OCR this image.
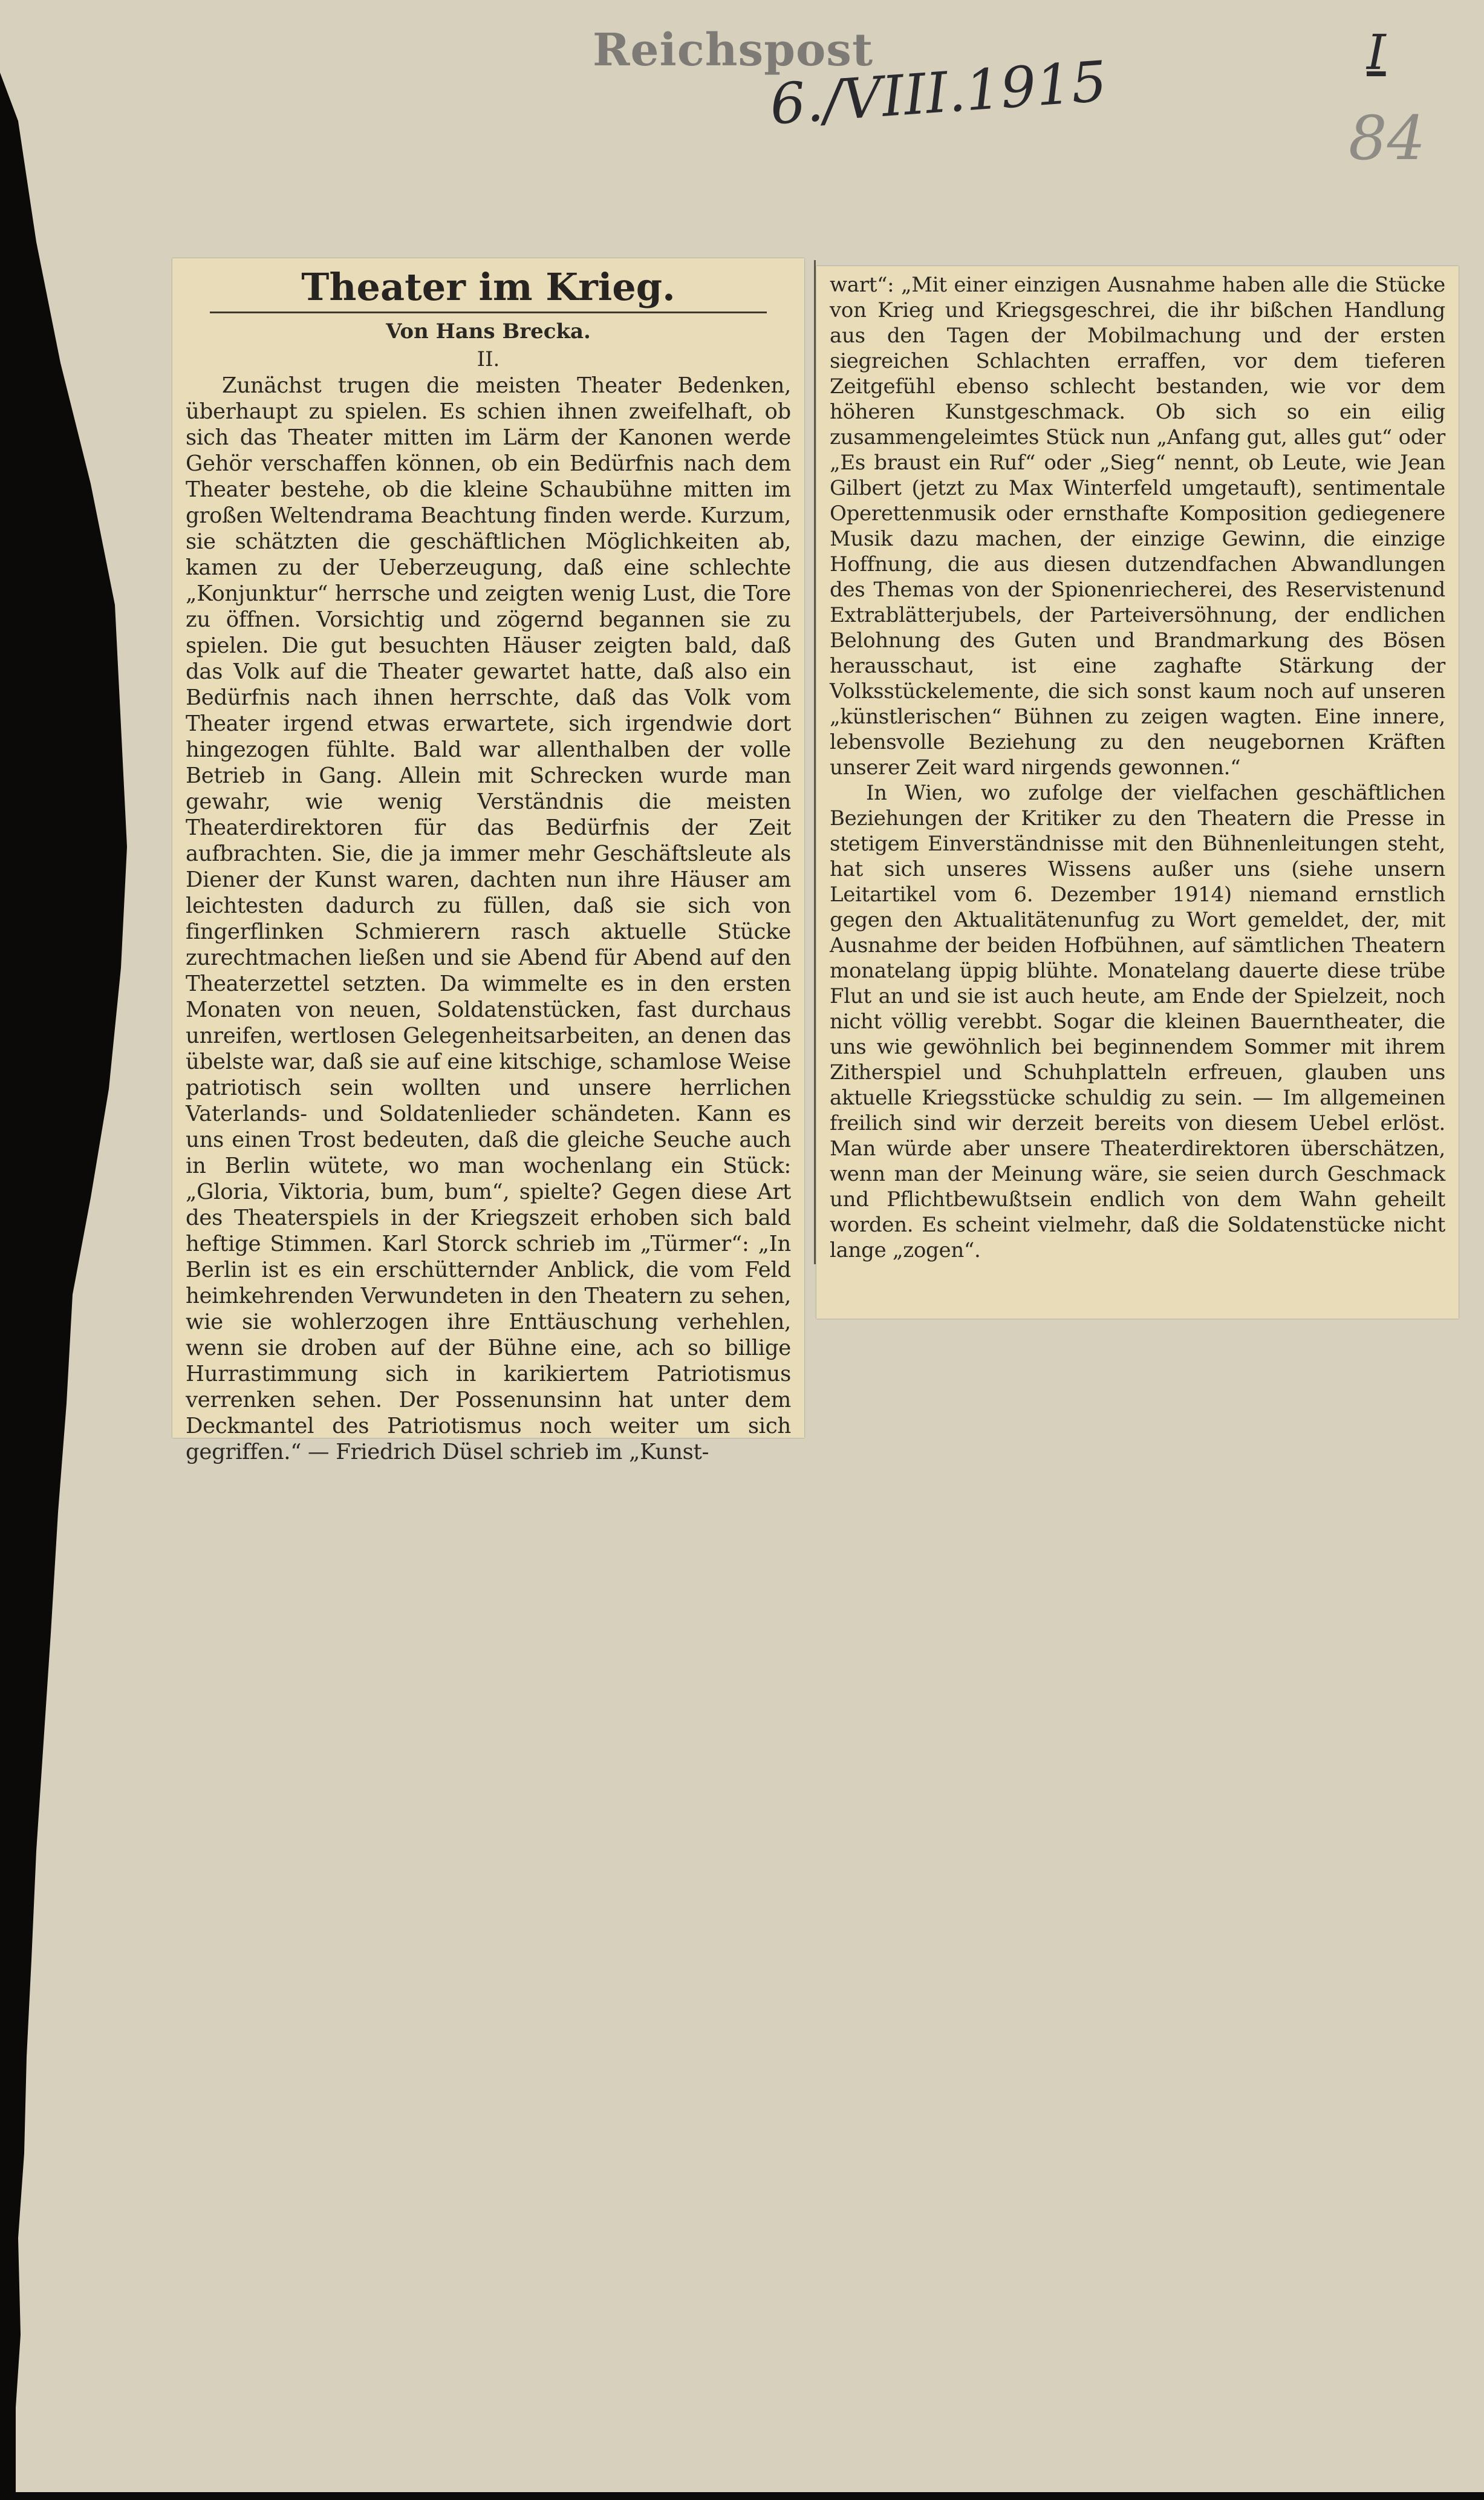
Reichspost
6./VIII.1915	I
84
Theater im Krieg.
Von Hans Brecka.
II.

Zunächst trugen die meisten Theater Bedenken, überhaupt zu spielen. Es schien ihnen zweifelhaft, ob sich das Theater mitten im Lärm der Kanonen werde Gehör verschaffen können, ob ein Bedürfnis nach dem Theater bestehe, ob die kleine Schaubühne mitten im großen Weltendrama Beachtung finden werde. Kurzum, sie schätzten die geschäftlichen Möglichkeiten ab, kamen zu der Ueberzeugung, daß eine schlechte „Konjunktur“ herrsche und zeigten wenig Lust, die Tore zu öffnen. Vorsichtig und zögernd begannen sie zu spielen. Die gut besuchten Häuser zeigten bald, daß das Volk auf die Theater gewartet hatte, daß also ein Bedürfnis nach ihnen herrschte, daß das Volk vom Theater irgend etwas erwartete, sich irgendwie dort hingezogen fühlte. Bald war allenthalben der volle Betrieb in Gang. Allein mit Schrecken wurde man gewahr, wie wenig Verständnis die meisten Theaterdirektoren für das Bedürfnis der Zeit aufbrachten. Sie, die ja immer mehr Geschäftsleute als Diener der Kunst waren, dachten nun ihre Häuser am leichtesten dadurch zu füllen, daß sie sich von fingerflinken Schmierern rasch aktuelle Stücke zurechtmachen ließen und sie Abend für Abend auf den Theaterzettel setzten. Da wimmelte es in den ersten Monaten von neuen, Soldatenstücken, fast durchaus unreifen, wertlosen Gelegenheitsarbeiten, an denen das übelste war, daß sie auf eine kitschige, schamlose Weise patriotisch sein wollten und unsere herrlichen Vaterlands- und Soldatenlieder schändeten. Kann es uns einen Trost bedeuten, daß die gleiche Seuche auch in Berlin wütete, wo man wochenlang ein Stück: „Gloria, Viktoria, bum, bum“, spielte? Gegen diese Art des Theaterspiels in der Kriegszeit erhoben sich bald heftige Stimmen. Karl Storck schrieb im „Türmer“: „In Berlin ist es ein erschütternder Anblick, die vom Feld heimkehrenden Verwundeten in den Theatern zu sehen, wie sie wohlerzogen ihre Enttäuschung verhehlen, wenn sie droben auf der Bühne eine, ach so billige Hurrastimmung sich in karikiertem Patriotismus verrenken sehen. Der Possenunsinn hat unter dem Deckmantel des Patriotismus noch weiter um sich gegriffen.“ — Friedrich Düsel schrieb im „Kunst-

wart“: „Mit einer einzigen Ausnahme haben alle die Stücke von Krieg und Kriegsgeschrei, die ihr bißchen Handlung aus den Tagen der Mobilmachung und der ersten siegreichen Schlachten erraffen, vor dem tieferen Zeitgefühl ebenso schlecht bestanden, wie vor dem höheren Kunstgeschmack. Ob sich so ein eilig zusammengeleimtes Stück nun „Anfang gut, alles gut“ oder „Es braust ein Ruf“ oder „Sieg“ nennt, ob Leute, wie Jean Gilbert (jetzt zu Max Winterfeld umgetauft), sentimentale Operettenmusik oder ernsthafte Komposition gediegenere Musik dazu machen, der einzige Gewinn, die einzige Hoffnung, die aus diesen dutzendfachen Abwandlungen des Themas von der Spionenriecherei, des Reservistenund Extrablätterjubels, der Parteiversöhnung, der endlichen Belohnung des Guten und Brandmarkung des Bösen herausschaut, ist eine zaghafte Stärkung der Volksstückelemente, die sich sonst kaum noch auf unseren „künstlerischen“ Bühnen zu zeigen wagten. Eine innere, lebensvolle Beziehung zu den neugebornen Kräften unserer Zeit ward nirgends gewonnen.“

In Wien, wo zufolge der vielfachen geschäftlichen Beziehungen der Kritiker zu den Theatern die Presse in stetigem Einverständnisse mit den Bühnenleitungen steht, hat sich unseres Wissens außer uns (siehe unsern Leitartikel vom 6. Dezember 1914) niemand ernstlich gegen den Aktualitätenunfug zu Wort gemeldet, der, mit Ausnahme der beiden Hofbühnen, auf sämtlichen Theatern monatelang üppig blühte. Monatelang dauerte diese trübe Flut an und sie ist auch heute, am Ende der Spielzeit, noch nicht völlig verebbt. Sogar die kleinen Bauerntheater, die uns wie gewöhnlich bei beginnendem Sommer mit ihrem Zitherspiel und Schuhplatteln erfreuen, glauben uns aktuelle Kriegsstücke schuldig zu sein. — Im allgemeinen freilich sind wir derzeit bereits von diesem Uebel erlöst. Man würde aber unsere Theaterdirektoren überschätzen, wenn man der Meinung wäre, sie seien durch Geschmack und Pflichtbewußtsein endlich von dem Wahn geheilt worden. Es scheint vielmehr, daß die Soldatenstücke nicht lange „zogen“.
